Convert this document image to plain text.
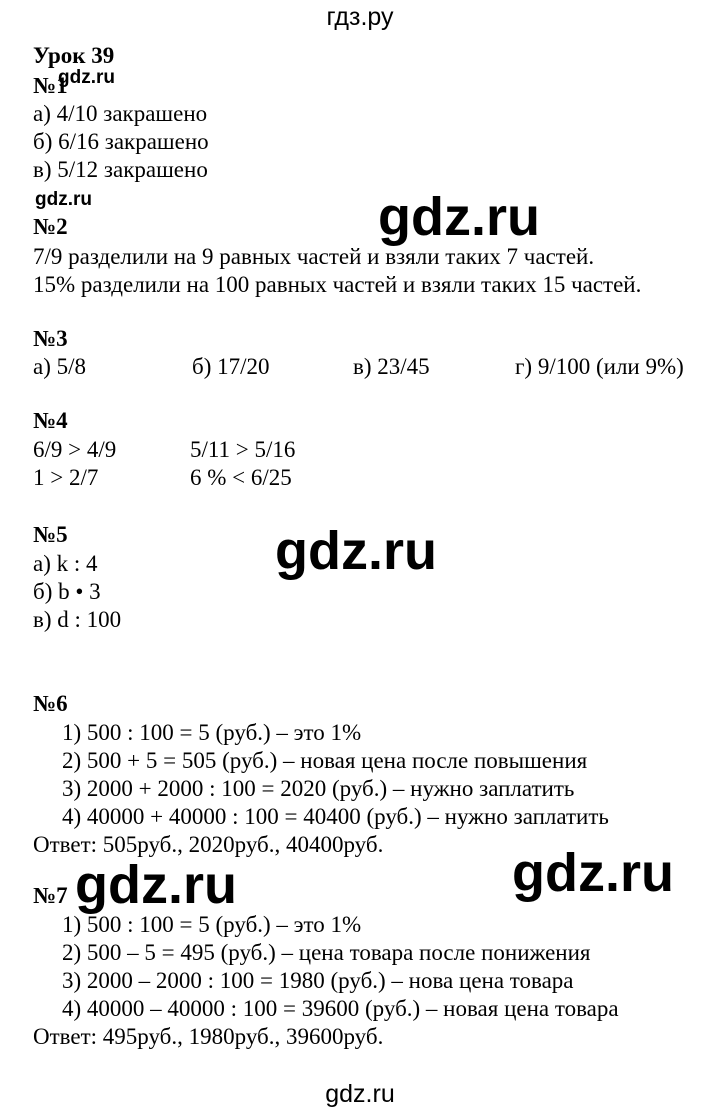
гдз.ру
Урок 39
gdz.ru
№1
а) 4/10 закрашено
б) 6/16 закрашено
в) 5/12 закрашено
gdz.ru	gdz.ru
№2
7/9 разделили на 9 равных частей и взяли таких 7 частей.
15% разделили на 100 равных частей и взяли таких 15 частей.
№3
а) 5/8	б) 17/20	в) 23/45	г) 9/100 (или 9%)
№4
6/9 > 4/9	5/11 > 5/16
1 > 2/7	6 % < 6/25
№5	gdz.ru
а) k : 4
б) b • 3
в) d : 100
№6
1) 500 : 100 = 5 (руб.) – это 1%
2) 500 + 5 = 505 (руб.) – новая цена после повышения
3) 2000 + 2000 : 100 = 2020 (руб.) – нужно заплатить
4) 40000 + 40000 : 100 = 40400 (руб.) – нужно заплатить
Ответ: 505руб., 2020руб., 40400руб. gdz.ru
gdz.ru
№7
1) 500 : 100 = 5 (руб.) – это 1%
2) 500 – 5 = 495 (руб.) – цена товара после понижения
3) 2000 – 2000 : 100 = 1980 (руб.) – нова цена товара
4) 40000 – 40000 : 100 = 39600 (руб.) – новая цена товара
Ответ: 495руб., 1980руб., 39600руб.
gdz.ru
